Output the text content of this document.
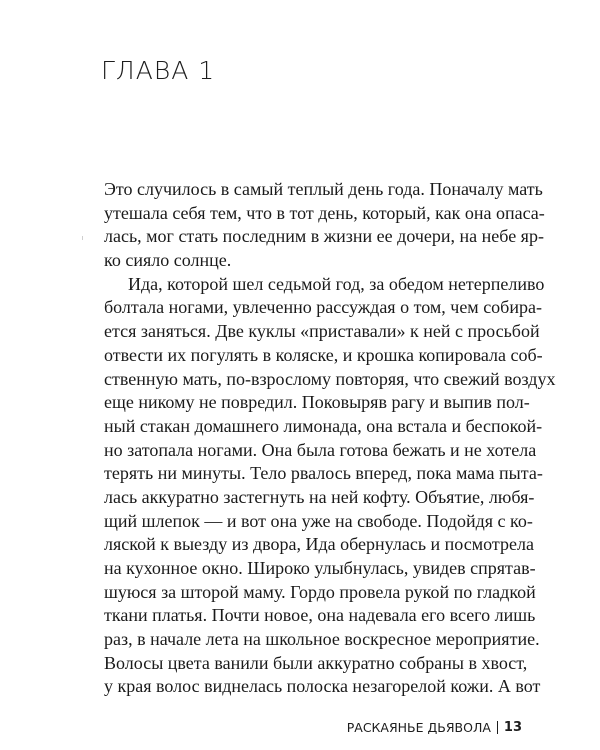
ГЛАВА 1
Это случилось в самый теплый день года. Поначалу мать
утешала себя тем, что в тот день, который, как она опаса-
лась, мог стать последним в жизни ее дочери, на небе яр-
ко сияло солнце.
Ида, которой шел седьмой год, за обедом нетерпеливо
болтала ногами, увлеченно рассуждая о том, чем собира-
ется заняться. Две куклы «приставали» к ней с просьбой
отвести их погулять в коляске, и крошка копировала соб-
ственную мать, по-взрослому повторяя, что свежий воздух
еще никому не повредил. Поковыряв рагу и выпив пол-
ный стакан домашнего лимонада, она встала и беспокой-
но затопала ногами. Она была готова бежать и не хотела
терять ни минуты. Тело рвалось вперед, пока мама пыта-
лась аккуратно застегнуть на ней кофту. Объятие, любя-
щий шлепок — и вот она уже на свободе. Подойдя с ко-
ляской к выезду из двора, Ида обернулась и посмотрела
на кухонное окно. Широко улыбнулась, увидев спрятав-
шуюся за шторой маму. Гордо провела рукой по гладкой
ткани платья. Почти новое, она надевала его всего лишь
раз, в начале лета на школьное воскресное мероприятие.
Волосы цвета ванили были аккуратно собраны в хвост,
у края волос виднелась полоска незагорелой кожи. А вот
РАСКАЯНЬЕ ДЬЯВОЛА 13
